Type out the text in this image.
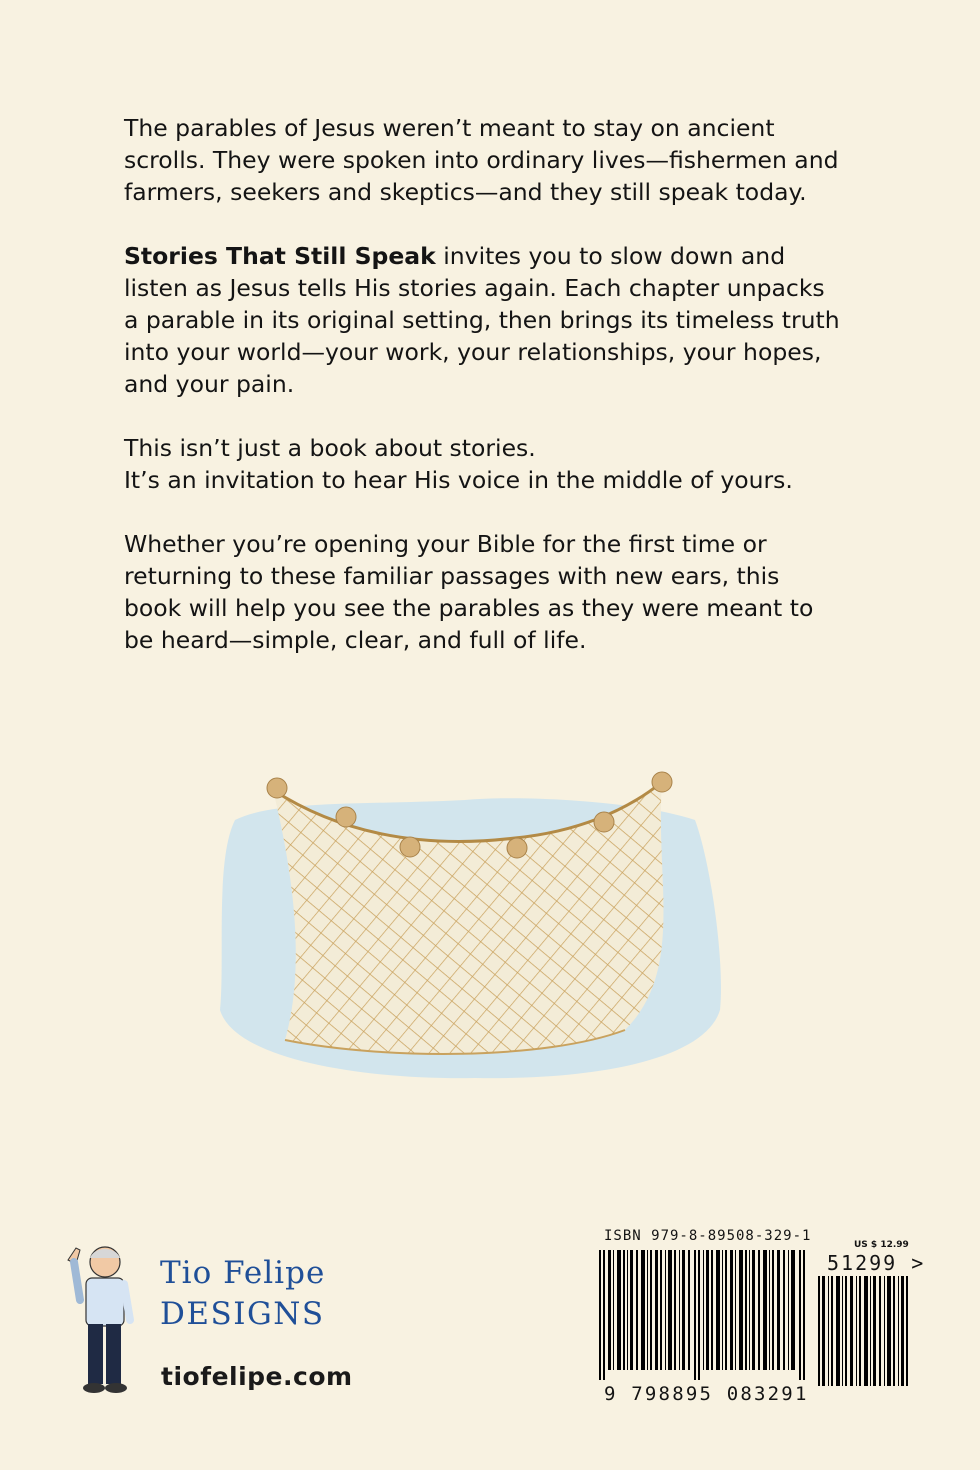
The parables of Jesus weren’t meant to stay on ancient scrolls. They were spoken into ordinary lives—fishermen and farmers, seekers and skeptics—and they still speak today.

Stories That Still Speak invites you to slow down and listen as Jesus tells His stories again. Each chapter unpacks a parable in its original setting, then brings its timeless truth into your world—your work, your relationships, your hopes, and your pain.

This isn’t just a book about stories.
It’s an invitation to hear His voice in the middle of yours.

Whether you’re opening your Bible for the first time or returning to these familiar passages with new ears, this book will help you see the parables as they were meant to be heard—simple, clear, and full of life.

Tio Felipe
DESIGNS
tiofelipe.com
ISBN 979-8-89508-329-1
US $ 12.99
51299 >
9 798895 083291
